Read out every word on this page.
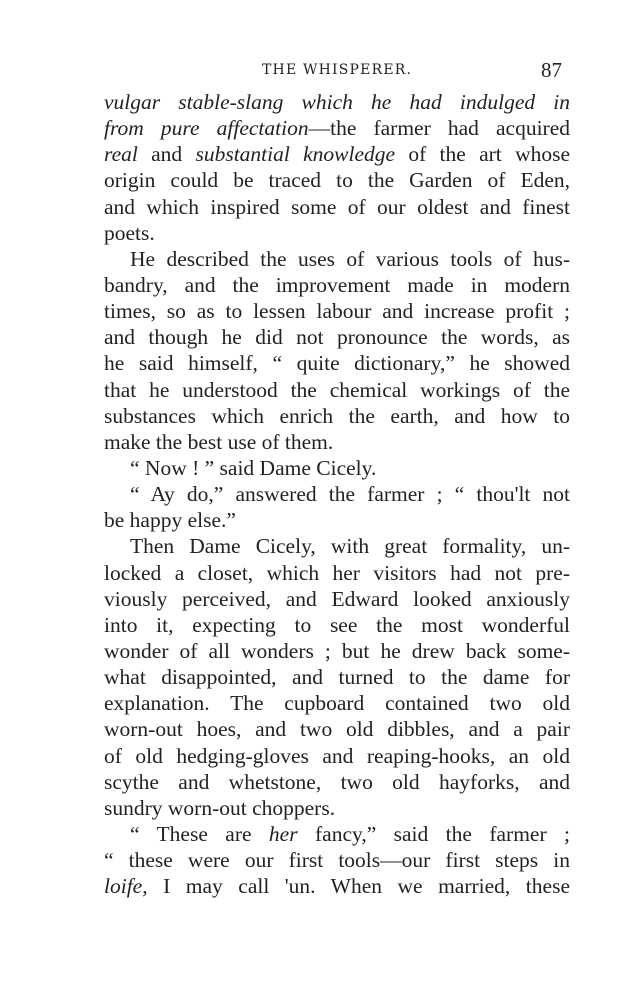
THE WHISPERER.	87
vulgar stable-slang which he had indulged in
from pure affectation—the farmer had acquired
real and substantial knowledge of the art whose
origin could be traced to the Garden of Eden,
and which inspired some of our oldest and finest
poets.
He described the uses of various tools of hus-
bandry, and the improvement made in modern
times, so as to lessen labour and increase profit ;
and though he did not pronounce the words, as
he said himself, “ quite dictionary,” he showed
that he understood the chemical workings of the
substances which enrich the earth, and how to
make the best use of them.
“ Now ! ” said Dame Cicely.
“ Ay do,” answered the farmer ; “ thou'lt not
be happy else.”
Then Dame Cicely, with great formality, un-
locked a closet, which her visitors had not pre-
viously perceived, and Edward looked anxiously
into it, expecting to see the most wonderful
wonder of all wonders ; but he drew back some-
what disappointed, and turned to the dame for
explanation. The cupboard contained two old
worn-out hoes, and two old dibbles, and a pair
of old hedging-gloves and reaping-hooks, an old
scythe and whetstone, two old hayforks, and
sundry worn-out choppers.
“ These are her fancy,” said the farmer ;
“ these were our first tools—our first steps in
loife, I may call 'un. When we married, these
